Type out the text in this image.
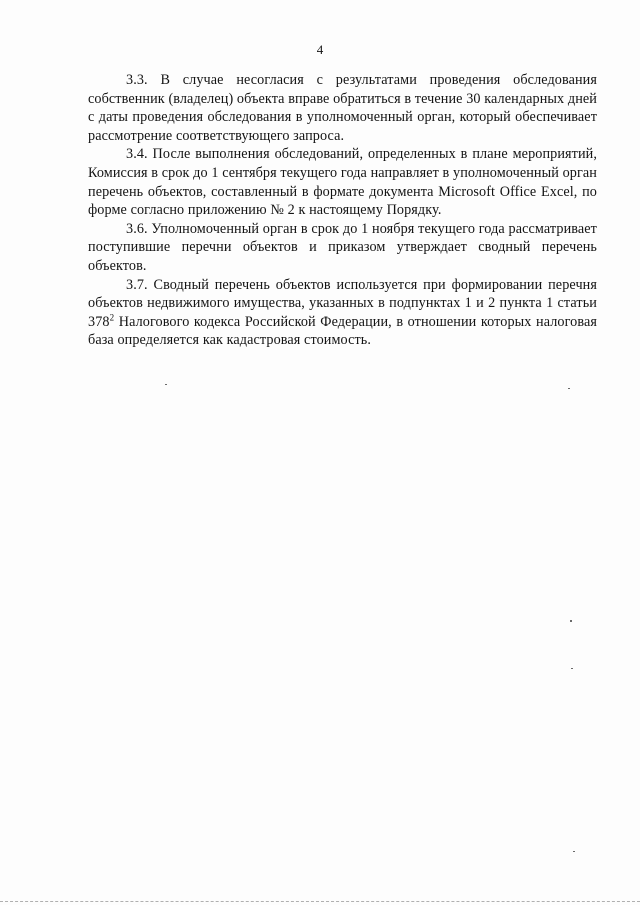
4

3.3. В случае несогласия с результатами проведения обследования собственник (владелец) объекта вправе обратиться в течение 30 календарных дней с даты проведения обследования в уполномоченный орган, который обеспечивает рассмотрение соответствующего запроса.

3.4. После выполнения обследований, определенных в плане мероприятий, Комиссия в срок до 1 сентября текущего года направляет в уполномоченный орган перечень объектов, составленный в формате документа Microsoft Office Excel, по форме согласно приложению № 2 к настоящему Порядку.

3.6. Уполномоченный орган в срок до 1 ноября текущего года рассматривает поступившие перечни объектов и приказом утверждает сводный перечень объектов.

3.7. Сводный перечень объектов используется при формировании перечня объектов недвижимого имущества, указанных в подпунктах 1 и 2 пункта 1 статьи $378^2$ Налогового кодекса Российской Федерации, в отношении которых налоговая база определяется как кадастровая стоимость.
